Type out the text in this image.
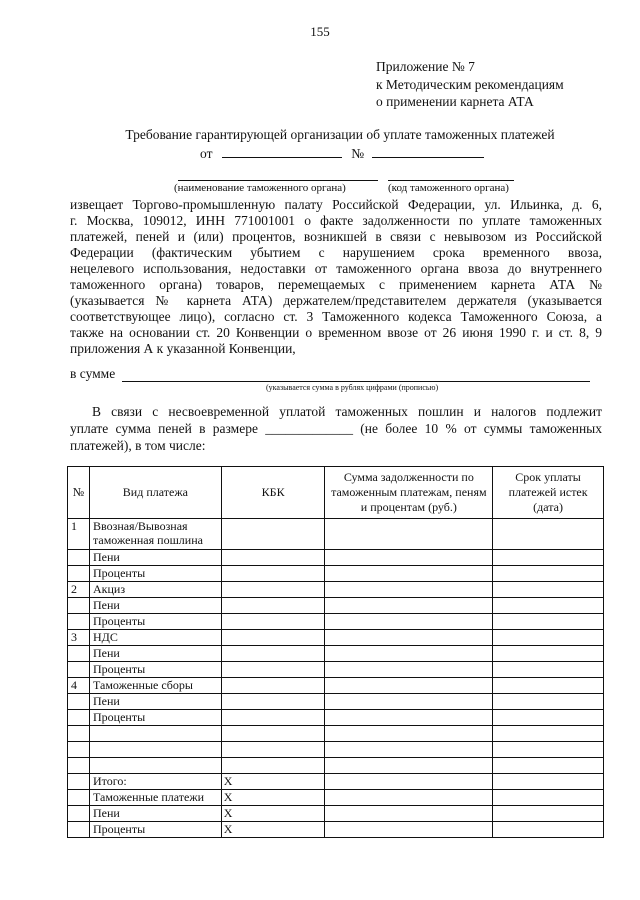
155
Приложение № 7
к Методическим рекомендациям
о применении карнета АТА
Требование гарантирующей организации об уплате таможенных платежей
от	№
(наименование таможенного органа)	(код таможенного органа)
извещает Торгово-промышленную палату Российской Федерации, ул. Ильинка, д. 6,
г. Москва, 109012, ИНН 771001001 о факте задолженности по уплате таможенных
платежей, пеней и (или) процентов, возникшей в связи с невывозом из Российской
Федерации (фактическим убытием с нарушением срока временного ввоза,
нецелевого использования, недоставки от таможенного органа ввоза до внутреннего
таможенного органа) товаров, перемещаемых с применением карнета АТА №
(указывается № карнета АТА) держателем/представителем держателя (указывается
соответствующее лицо), согласно ст. 3 Таможенного кодекса Таможенного Союза, а
также на основании ст. 20 Конвенции о временном ввозе от 26 июня 1990 г. и ст. 8, 9
приложения А к указанной Конвенции,
в сумме
(указывается сумма в рублях цифрами (прописью)
В связи с несвоевременной уплатой таможенных пошлин и налогов подлежит
уплате сумма пеней в размере _____________ (не более 10 % от суммы таможенных
платежей), в том числе:
№	Вид платежа	КБК	Сумма задолженности по таможенным платежам, пеням и процентам (руб.)	Срок уплаты платежей истек (дата)
1	Ввозная/Вывозная таможенная пошлина			
	Пени			
	Проценты			
2	Акциз			
	Пени			
	Проценты			
3	НДС			
	Пени			
	Проценты			
4	Таможенные сборы			
	Пени			
	Проценты			

	Итого:	X		
	Таможенные платежи	X		
	Пени	X		
	Проценты	X		
